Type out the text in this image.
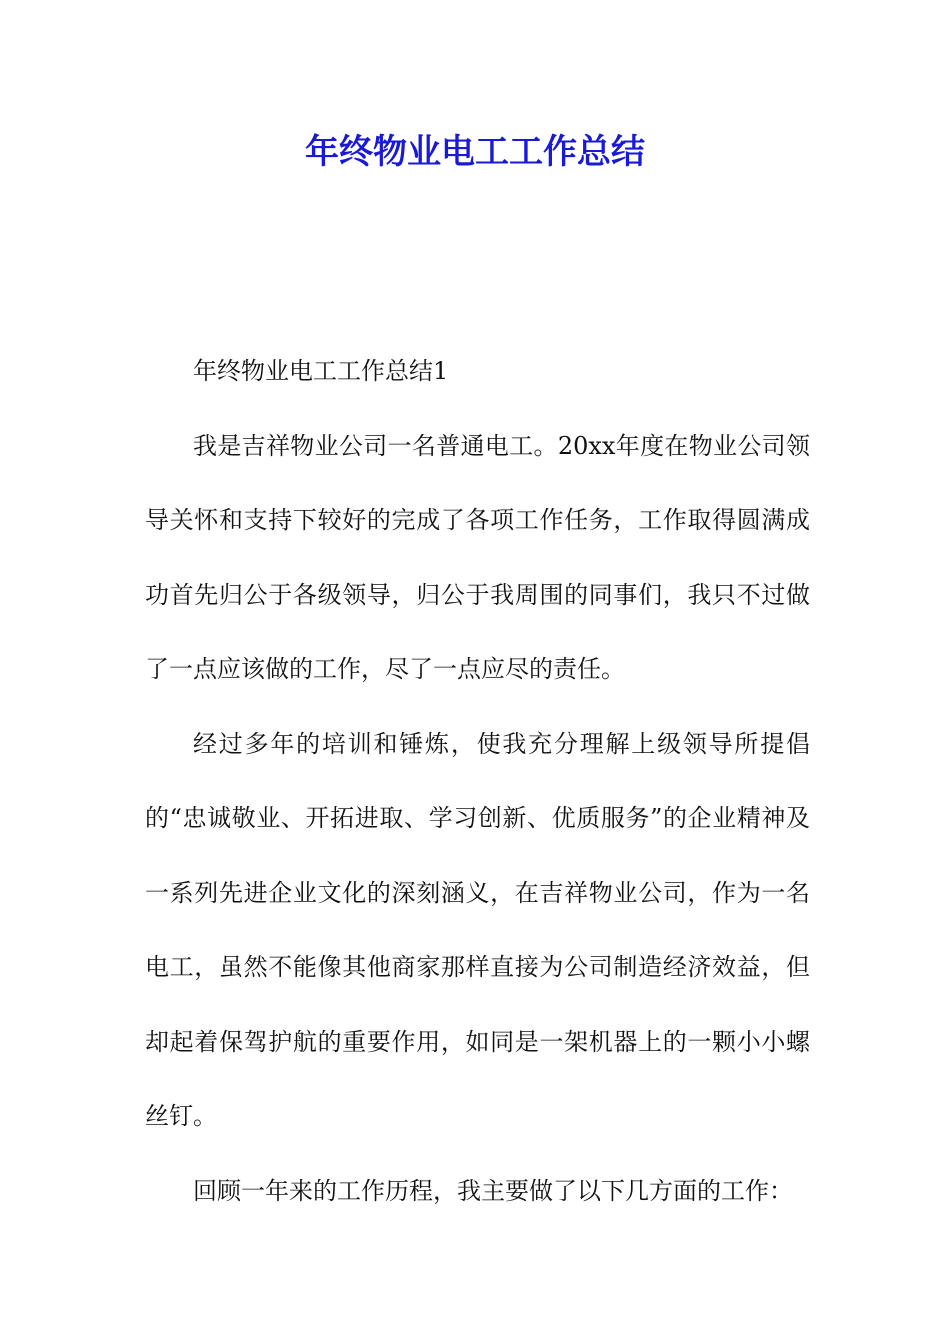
年终物业电工工作总结

年终物业电工工作总结1

我是吉祥物业公司一名普通电工。20xx年度在物业公司领导关怀和支持下较好的完成了各项工作任务，工作取得圆满成功首先归公于各级领导，归公于我周围的同事们，我只不过做了一点应该做的工作，尽了一点应尽的责任。

经过多年的培训和锤炼，使我充分理解上级领导所提倡的“忠诚敬业、开拓进取、学习创新、优质服务”的企业精神及一系列先进企业文化的深刻涵义，在吉祥物业公司，作为一名电工，虽然不能像其他商家那样直接为公司制造经济效益，但却起着保驾护航的重要作用，如同是一架机器上的一颗小小螺丝钉。

回顾一年来的工作历程，我主要做了以下几方面的工作：
